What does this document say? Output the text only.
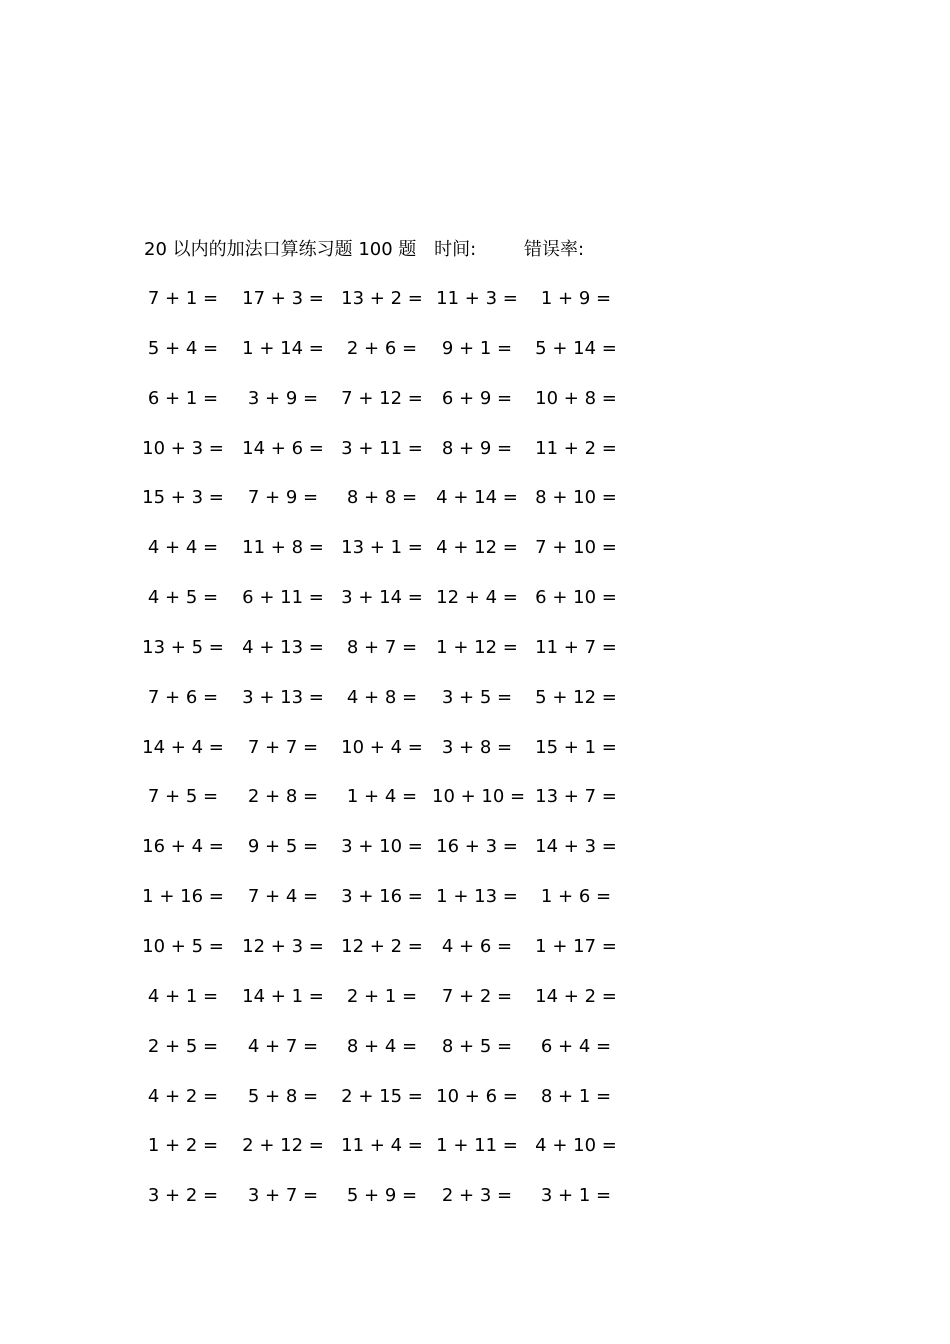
20 以内的加法口算练习题 100 题 时间:	错误率:
7 + 1 =	17 + 3 = 13 + 2 = 11 + 3 =	1 + 9 =
5 + 4 =	1 + 14 =	2 + 6 =	9 + 1 =	5 + 14 =
6 + 1 =	3 + 9 =	7 + 12 =	6 + 9 =	10 + 8 =
10 + 3 = 14 + 6 = 3 + 11 =	8 + 9 =	11 + 2 =
15 + 3 =	7 + 9 =	8 + 8 =	4 + 14 = 8 + 10 =
4 + 4 =	11 + 8 = 13 + 1 = 4 + 12 = 7 + 10 =
4 + 5 =	6 + 11 = 3 + 14 = 12 + 4 = 6 + 10 =
13 + 5 = 4 + 13 =	8 + 7 =	1 + 12 = 11 + 7 =
7 + 6 =	3 + 13 =	4 + 8 =	3 + 5 =	5 + 12 =
14 + 4 =	7 + 7 =	10 + 4 =	3 + 8 =	15 + 1 =
7 + 5 =	2 + 8 =	1 + 4 = 10 + 10 = 13 + 7 =
16 + 4 =	9 + 5 =	3 + 10 = 16 + 3 = 14 + 3 =
1 + 16 =	7 + 4 =	3 + 16 = 1 + 13 =	1 + 6 =
10 + 5 = 12 + 3 = 12 + 2 =	4 + 6 =	1 + 17 =
4 + 1 =	14 + 1 =	2 + 1 =	7 + 2 =	14 + 2 =
2 + 5 =	4 + 7 =	8 + 4 =	8 + 5 =	6 + 4 =
4 + 2 =	5 + 8 =	2 + 15 = 10 + 6 =	8 + 1 =
1 + 2 =	2 + 12 = 11 + 4 = 1 + 11 = 4 + 10 =
3 + 2 =	3 + 7 =	5 + 9 =	2 + 3 =	3 + 1 =
